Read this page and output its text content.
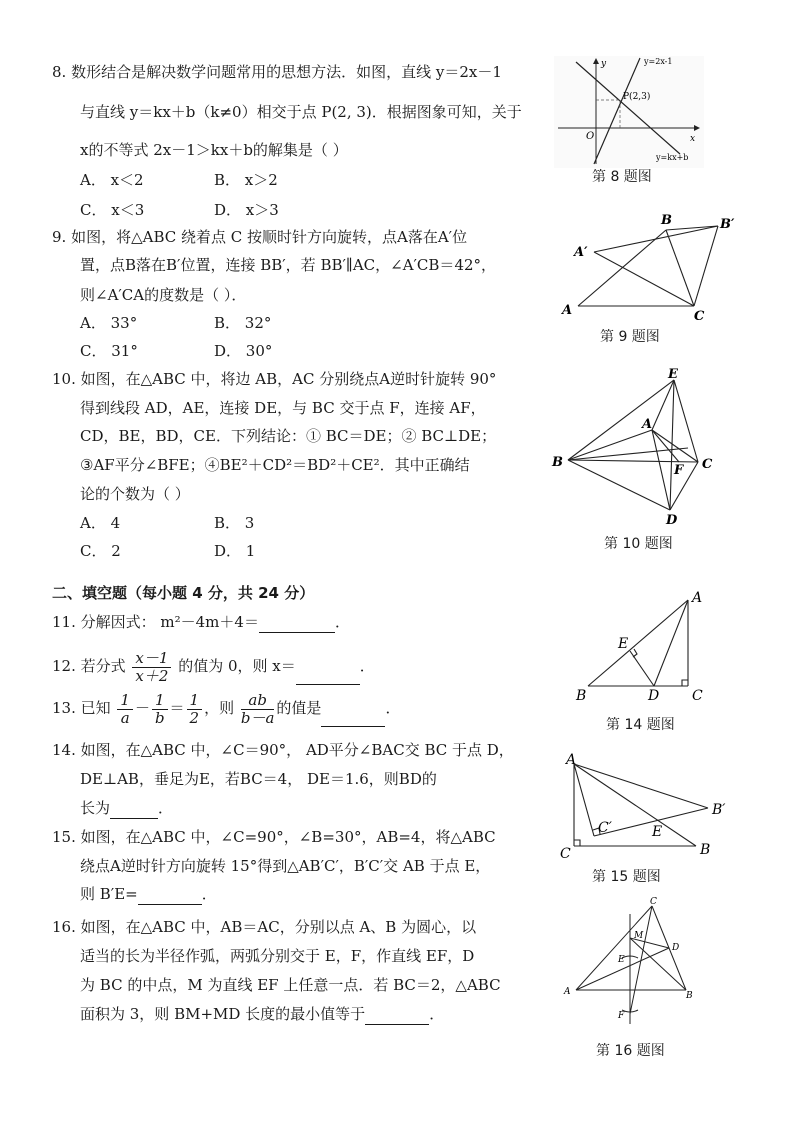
8. 数形结合是解决数学问题常用的思想方法．如图，直线 y＝2x－1
与直线 y＝kx＋b（k≠0）相交于点 P(2, 3)．根据图象可知，关于
x的不等式 2x－1＞kx＋b的解集是（ ）
A． x＜2	B． x＞2
C． x＜3	D． x＞3
y=2x-1
P(2,3)
O	x
y
y=kx+b
第 8 题图
9. 如图，将△ABC 绕着点 C 按顺时针方向旋转，点A落在A′位
置，点B落在B′位置，连接 BB′，若 BB′∥AC，∠A′CB＝42°，
则∠A′CA的度数是（ ）．
A． 33°	B． 32°
C． 31°	D． 30°
B	B′
A′
A	C
第 9 题图
10. 如图，在△ABC 中，将边 AB，AC 分别绕点A逆时针旋转 90°
得到线段 AD，AE，连接 DE，与 BC 交于点 F，连接 AF，
CD，BE，BD，CE．下列结论：① BC＝DE；② BC⊥DE；
③AF平分∠BFE；④BE²＋CD²＝BD²＋CE²．其中正确结
论的个数为（ ）
A． 4	B． 3
C． 2	D． 1
E
A
B
F C
D
第 10 题图
二、填空题（每小题 4 分，共 24 分）
11. 分解因式： m²－4m＋4＝	．
12. 若分式 $\frac{x-1}{x+2}$ 的值为 0，则 x＝	．
13. 已知 $\frac{1}{a} - \frac{1}{b} = \frac{1}{2}$ ，则 $\frac{ab}{b-a}$ 的值是	．
14. 如图，在△ABC 中，∠C＝90°， AD平分∠BAC交 BC 于点 D，
DE⊥AB，垂足为E，若BC＝4， DE＝1.6，则BD的
长为	．
A
E
B	D C
第 14 题图
15. 如图，在△ABC 中，∠C=90°，∠B=30°，AB=4，将△ABC
绕点A逆时针方向旋转 15°得到△AB′C′，B′C′交 AB 于点 E，
则 B′E=	．
A
B′
C′	E
C	B
第 15 题图
16. 如图，在△ABC 中，AB＝AC，分别以点 A、B 为圆心，以
适当的长为半径作弧，两弧分别交于 E，F，作直线 EF，D
为 BC 的中点，M 为直线 EF 上任意一点．若 BC＝2，△ABC
面积为 3，则 BM+MD 长度的最小值等于	．
C
M
D
E
A	B
F
第 16 题图
